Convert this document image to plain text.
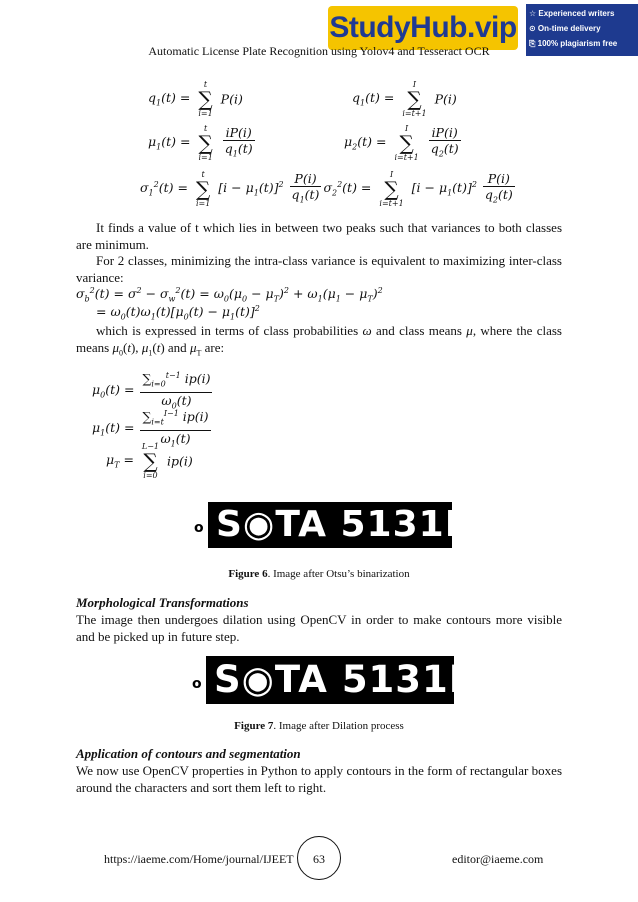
StudyHub.vip ☆ Experienced writers
⊙ On-time delivery
⎘ 100% plagiarism free
Automatic License Plate Recognition using Yolov4 and Tesseract OCR
$q_1(t)$ =
t
∑
i=1
P(i)	$q_1(t)$ =
I
∑
i=t+1
P(i)
$\mu_1(t)$ =
t
∑
i=1
$\frac{iP(i)}{q_1(t)}$	$\mu_2(t)$ =
I
∑
i=t+1
$\frac{iP(i)}{q_2(t)}$
$\sigma_1^2(t)$ =
t
∑
i=1
$[i - \mu_1(t)]^2 \frac{P(i)}{q_1(t)} \sigma_2^2(t)$ =
I
∑
i=t+1
$[i - \mu_1(t)]^2 \frac{P(i)}{q_2(t)}$
It finds a value of t which lies in between two peaks such that variances to both classes are minimum.
For 2 classes, minimizing the intra-class variance is equivalent to maximizing inter-class variance:
$\sigma_b^2(t) = \sigma^2 - \sigma_w^2(t) = \omega_0(\mu_0 - \mu_T)^2 + \omega_1(\mu_1 - \mu_T)^2$
= $\omega_0(t)\omega_1(t)[\mu_0(t) - \mu_1(t)]^2$
which is expressed in terms of class probabilities ω and class means μ, where the class means $\mu_0(t)$, $\mu_1(t)$ and $\mu_T$ are:
$\mu_0(t) = \frac{\sum_{i=0}^{t-1} ip(i)}{\omega_0(t)}$
$\mu_1(t) = \frac{\sum_{i=t}^{I-1} ip(i)}{\omega_1(t)}$
$\mu_T$ =
L−1
∑
i=0
ip(i)
o S◉TA 5131E
Figure 6. Image after Otsu’s binarization
Morphological Transformations
The image then undergoes dilation using OpenCV in order to make contours more visible and be picked up in future step.
o S◉TA 5131E
Figure 7. Image after Dilation process
Application of contours and segmentation
We now use OpenCV properties in Python to apply contours in the form of rectangular boxes around the characters and sort them left to right.
https://iaeme.com/Home/journal/IJEET	63	editor@iaeme.com
